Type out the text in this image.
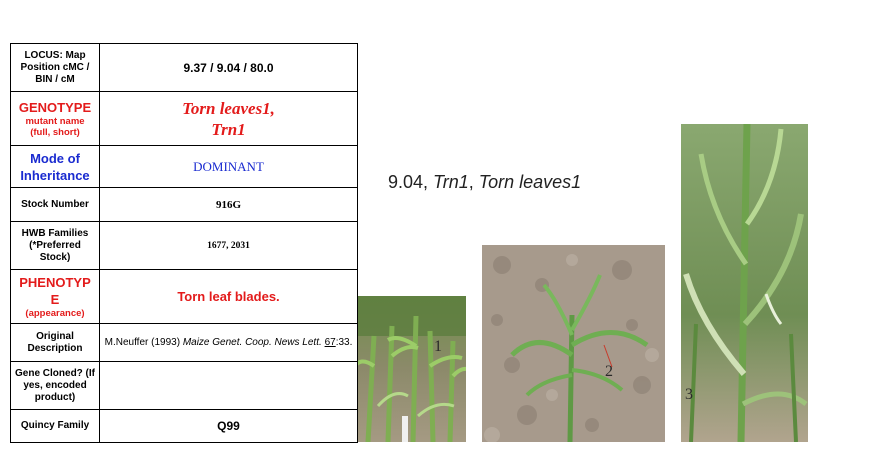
LOCUS: Map Position cMC / BIN / cM	9.37 / 9.04 / 80.0

GENOTYPE
mutant name (full, short)	Torn leaves1,
Trn1

Mode of Inheritance	DOMINANT
Stock Number	916G
HWB Families (*Preferred Stock)	1677, 2031

PHENOTYPE
(appearance)	Torn leaf blades.
Original Description	M.Neuffer (1993) Maize Genet. Coop. News Lett. 67:33.
Gene Cloned? (If yes, encoded product)	
Quincy Family	Q99
9.04, Trn1, Torn leaves1
1
2
3
